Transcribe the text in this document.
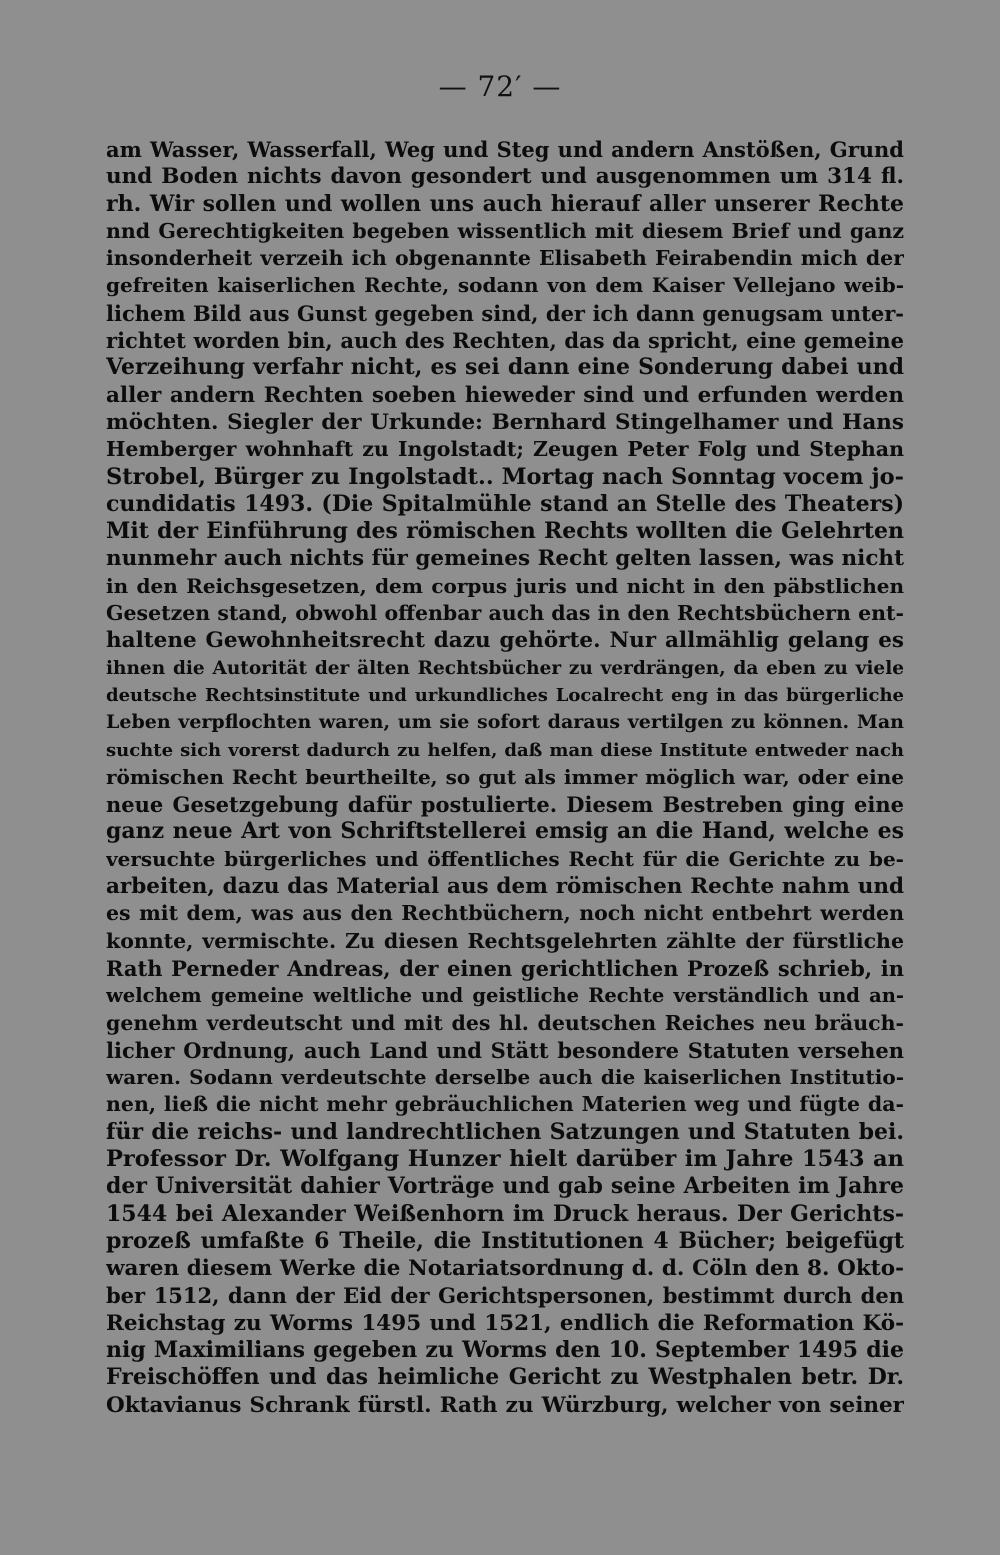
— 72′ —
am Wasser, Wasserfall, Weg und Steg und andern Anstößen, Grund
und Boden nichts davon gesondert und ausgenommen um 314 fl.
rh. Wir sollen und wollen uns auch hierauf aller unserer Rechte
nnd Gerechtigkeiten begeben wissentlich mit diesem Brief und ganz
insonderheit verzeih ich obgenannte Elisabeth Feirabendin mich der
gefreiten kaiserlichen Rechte, sodann von dem Kaiser Vellejano weib-
lichem Bild aus Gunst gegeben sind, der ich dann genugsam unter-
richtet worden bin, auch des Rechten, das da spricht, eine gemeine
Verzeihung verfahr nicht, es sei dann eine Sonderung dabei und
aller andern Rechten soeben hieweder sind und erfunden werden
möchten. Siegler der Urkunde: Bernhard Stingelhamer und Hans
Hemberger wohnhaft zu Ingolstadt; Zeugen Peter Folg und Stephan
Strobel, Bürger zu Ingolstadt.. Mortag nach Sonntag vocem jo-
cundidatis 1493. (Die Spitalmühle stand an Stelle des Theaters)
Mit der Einführung des römischen Rechts wollten die Gelehrten
nunmehr auch nichts für gemeines Recht gelten lassen, was nicht
in den Reichsgesetzen, dem corpus juris und nicht in den päbstlichen
Gesetzen stand, obwohl offenbar auch das in den Rechtsbüchern ent-
haltene Gewohnheitsrecht dazu gehörte. Nur allmählig gelang es
ihnen die Autorität der älten Rechtsbücher zu verdrängen, da eben zu viele
deutsche Rechtsinstitute und urkundliches Localrecht eng in das bürgerliche
Leben verpflochten waren, um sie sofort daraus vertilgen zu können. Man
suchte sich vorerst dadurch zu helfen, daß man diese Institute entweder nach
römischen Recht beurtheilte, so gut als immer möglich war, oder eine
neue Gesetzgebung dafür postulierte. Diesem Bestreben ging eine
ganz neue Art von Schriftstellerei emsig an die Hand, welche es
versuchte bürgerliches und öffentliches Recht für die Gerichte zu be-
arbeiten, dazu das Material aus dem römischen Rechte nahm und
es mit dem, was aus den Rechtbüchern, noch nicht entbehrt werden
konnte, vermischte. Zu diesen Rechtsgelehrten zählte der fürstliche
Rath Perneder Andreas, der einen gerichtlichen Prozeß schrieb, in
welchem gemeine weltliche und geistliche Rechte verständlich und an-
genehm verdeutscht und mit des hl. deutschen Reiches neu bräuch-
licher Ordnung, auch Land und Stätt besondere Statuten versehen
waren. Sodann verdeutschte derselbe auch die kaiserlichen Institutio-
nen, ließ die nicht mehr gebräuchlichen Materien weg und fügte da-
für die reichs- und landrechtlichen Satzungen und Statuten bei.
Professor Dr. Wolfgang Hunzer hielt darüber im Jahre 1543 an
der Universität dahier Vorträge und gab seine Arbeiten im Jahre
1544 bei Alexander Weißenhorn im Druck heraus. Der Gerichts-
prozeß umfaßte 6 Theile, die Institutionen 4 Bücher; beigefügt
waren diesem Werke die Notariatsordnung d. d. Cöln den 8. Okto-
ber 1512, dann der Eid der Gerichtspersonen, bestimmt durch den
Reichstag zu Worms 1495 und 1521, endlich die Reformation Kö-
nig Maximilians gegeben zu Worms den 10. September 1495 die
Freischöffen und das heimliche Gericht zu Westphalen betr. Dr.
Oktavianus Schrank fürstl. Rath zu Würzburg, welcher von seiner
